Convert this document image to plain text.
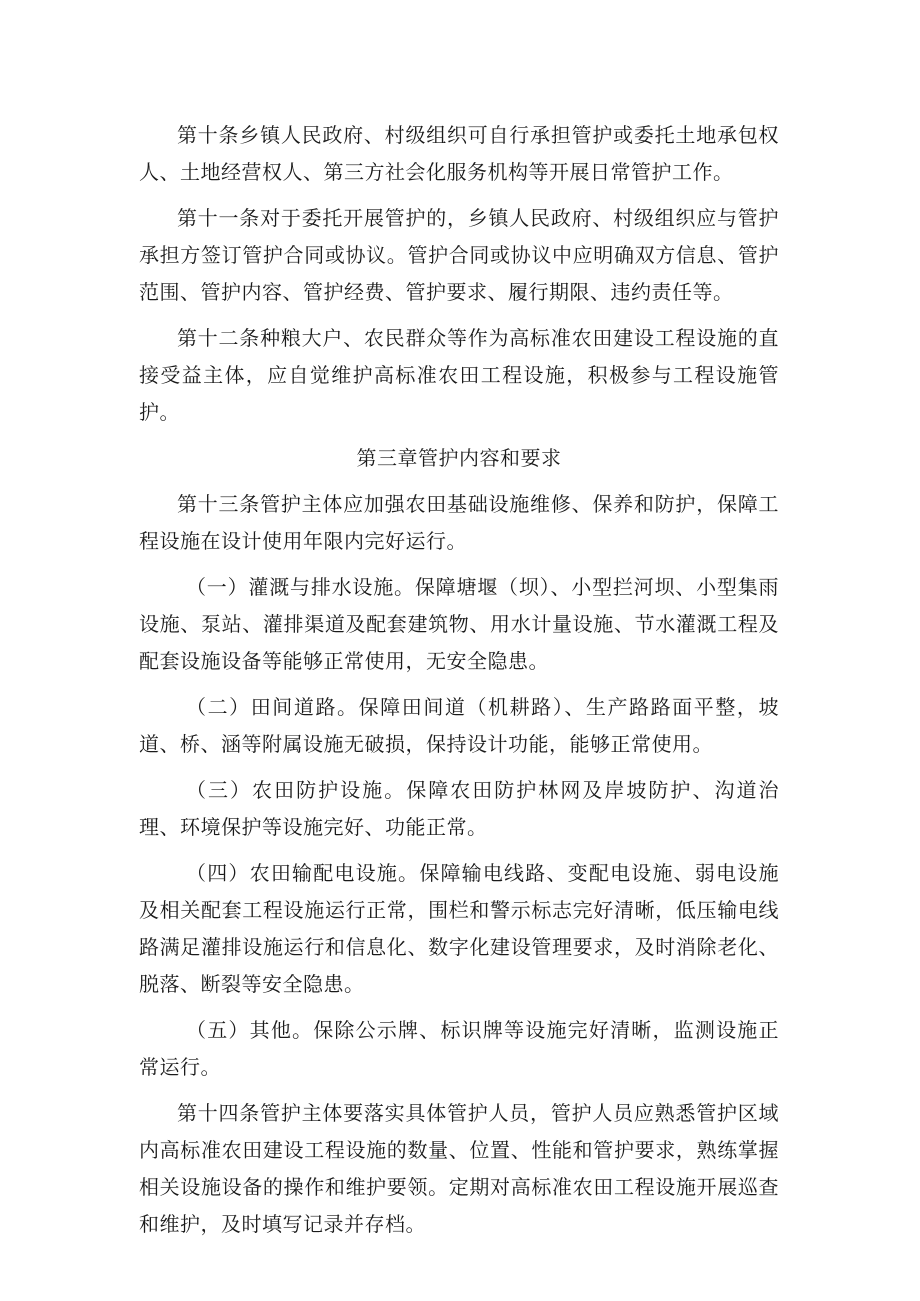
第十条乡镇人民政府、村级组织可自行承担管护或委托土地承包权人、土地经营权人、第三方社会化服务机构等开展日常管护工作。

第十一条对于委托开展管护的，乡镇人民政府、村级组织应与管护承担方签订管护合同或协议。管护合同或协议中应明确双方信息、管护范围、管护内容、管护经费、管护要求、履行期限、违约责任等。

第十二条种粮大户、农民群众等作为高标准农田建设工程设施的直接受益主体，应自觉维护高标准农田工程设施，积极参与工程设施管护。

第三章管护内容和要求

第十三条管护主体应加强农田基础设施维修、保养和防护，保障工程设施在设计使用年限内完好运行。

（一）灌溉与排水设施。保障塘堰（坝）、小型拦河坝、小型集雨设施、泵站、灌排渠道及配套建筑物、用水计量设施、节水灌溉工程及配套设施设备等能够正常使用，无安全隐患。

（二）田间道路。保障田间道（机耕路）、生产路路面平整，坡道、桥、涵等附属设施无破损，保持设计功能，能够正常使用。

（三）农田防护设施。保障农田防护林网及岸坡防护、沟道治理、环境保护等设施完好、功能正常。

（四）农田输配电设施。保障输电线路、变配电设施、弱电设施及相关配套工程设施运行正常，围栏和警示标志完好清晰，低压输电线路满足灌排设施运行和信息化、数字化建设管理要求，及时消除老化、脱落、断裂等安全隐患。

（五）其他。保除公示牌、标识牌等设施完好清晰，监测设施正常运行。

第十四条管护主体要落实具体管护人员，管护人员应熟悉管护区域内高标准农田建设工程设施的数量、位置、性能和管护要求，熟练掌握相关设施设备的操作和维护要领。定期对高标准农田工程设施开展巡查和维护，及时填写记录并存档。
